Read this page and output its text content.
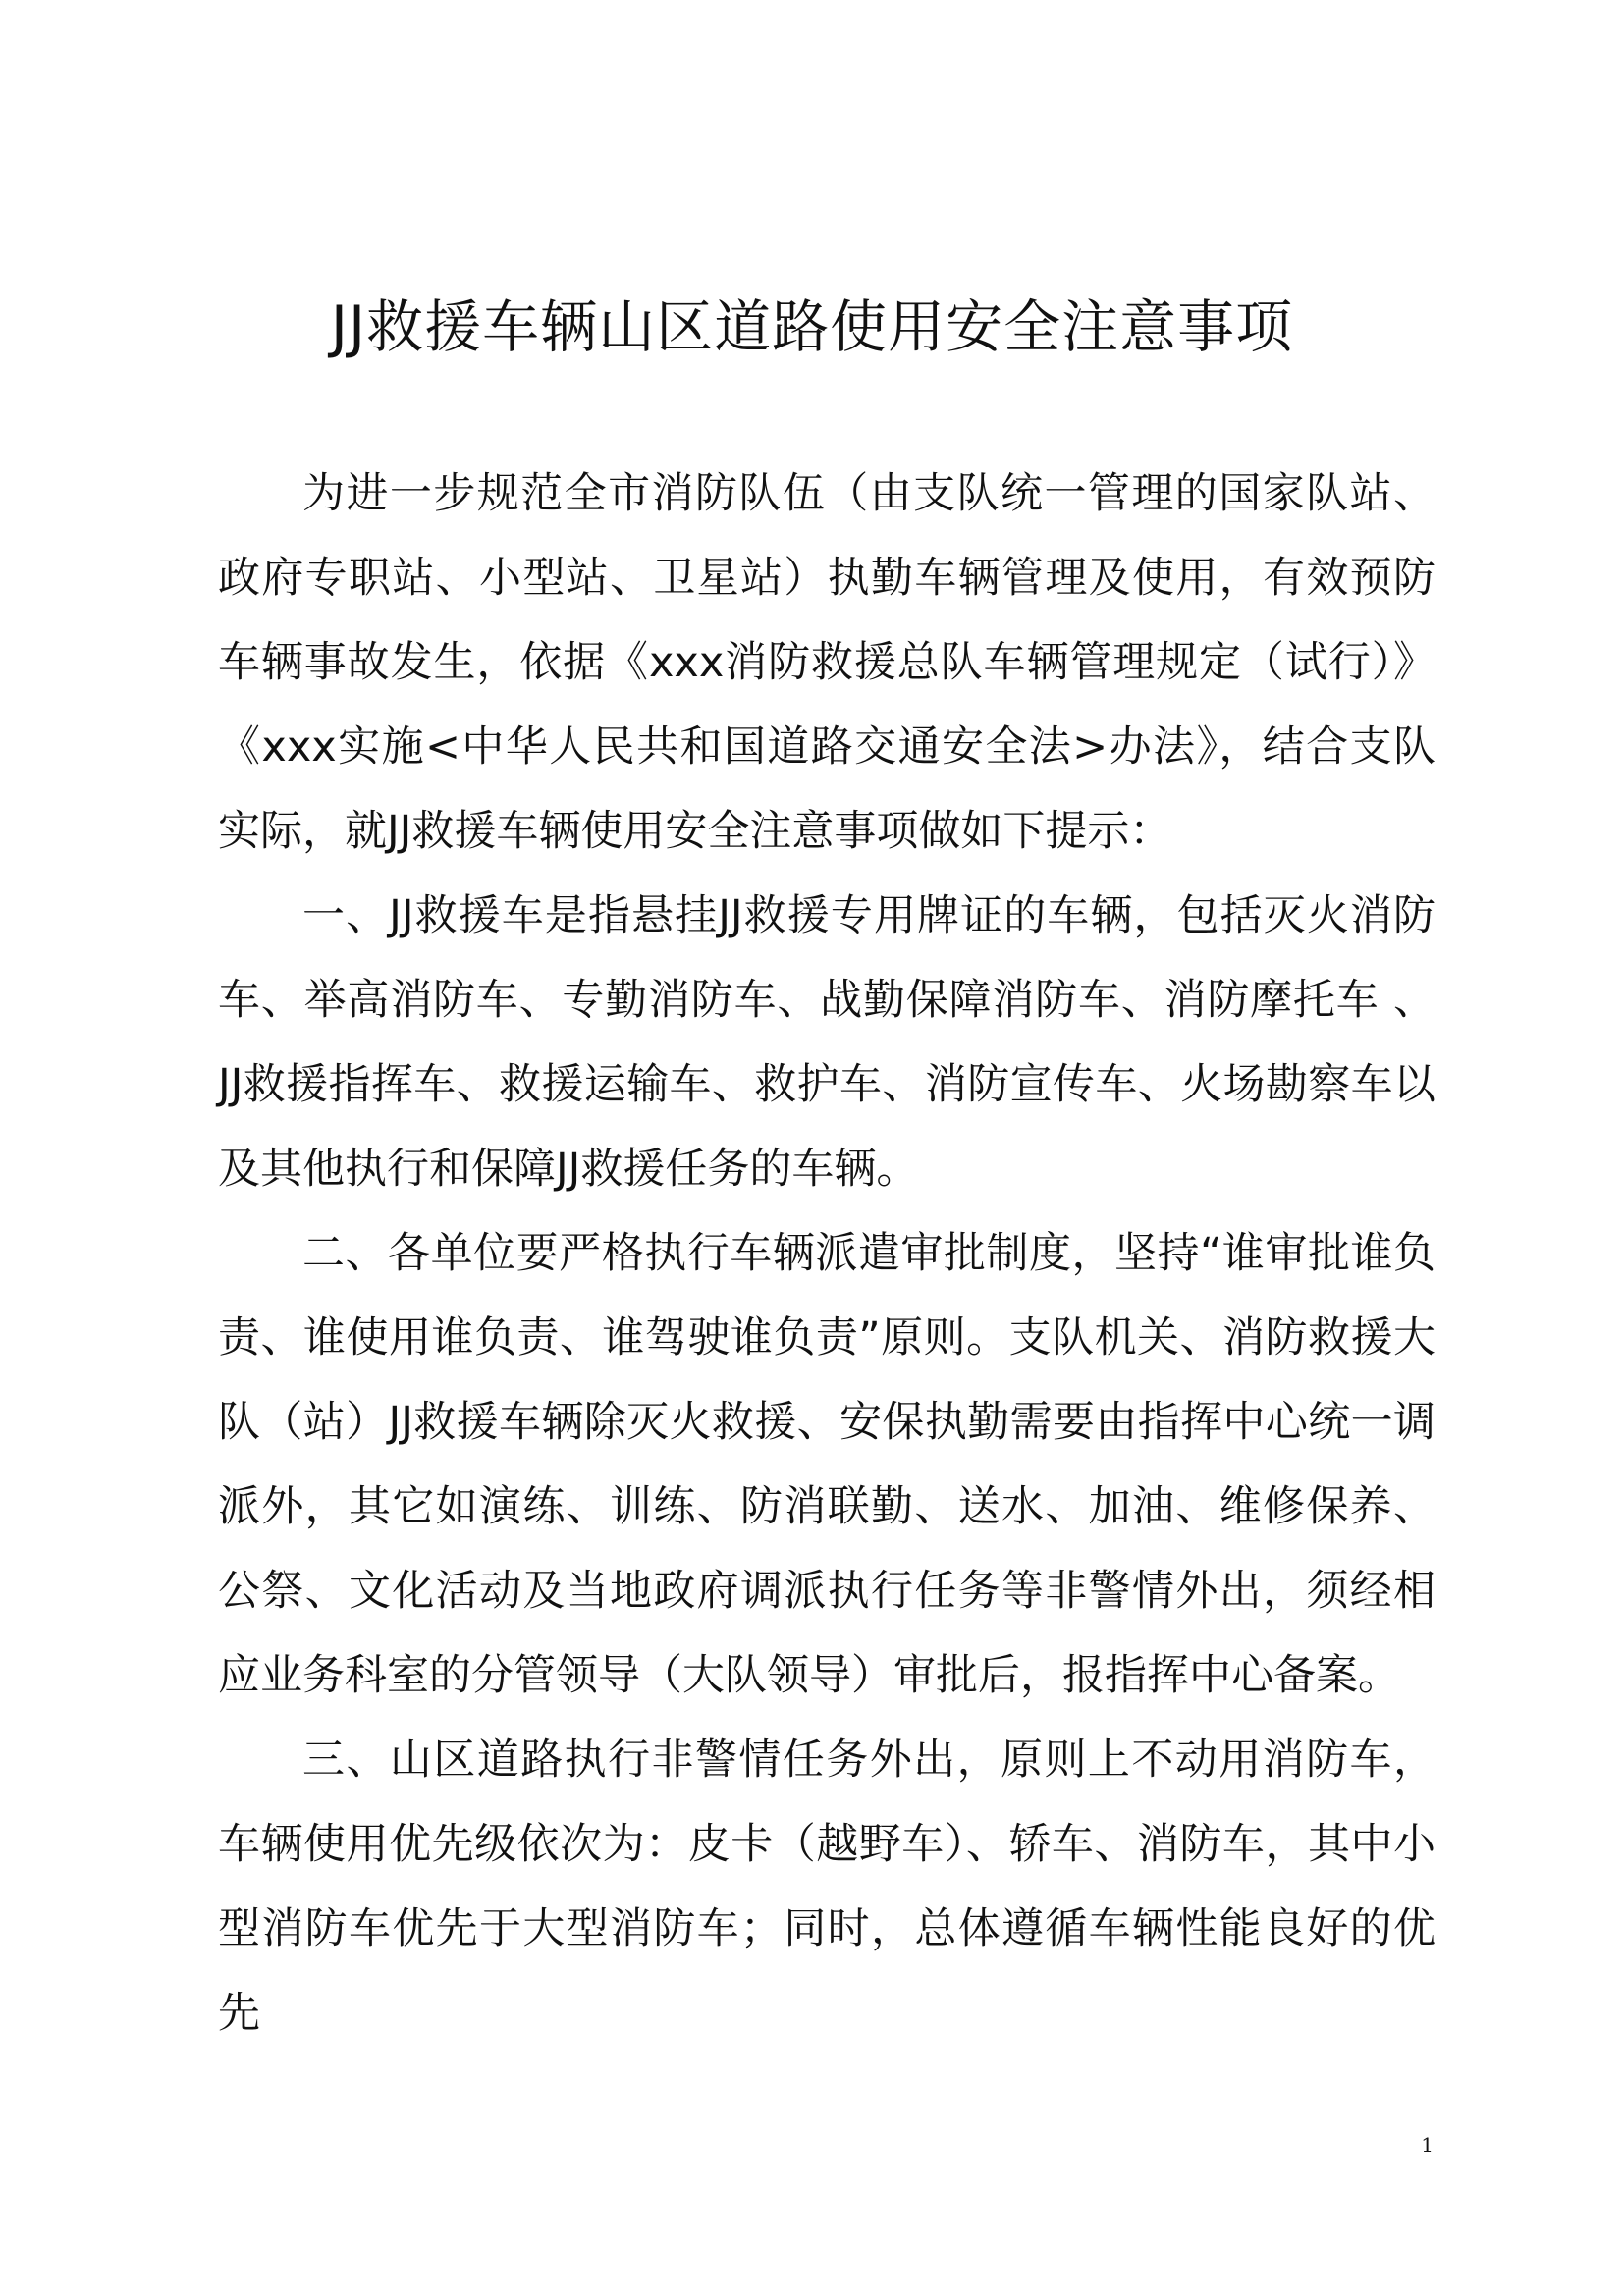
JJ救援车辆山区道路使用安全注意事项

为进一步规范全市消防队伍（由支队统一管理的国家队站、政府专职站、小型站、卫星站）执勤车辆管理及使用，有效预防车辆事故发生，依据《xxx消防救援总队车辆管理规定（试行）》《xxx实施<中华人民共和国道路交通安全法>办法》，结合支队实际，就JJ救援车辆使用安全注意事项做如下提示：

一、JJ救援车是指悬挂JJ救援专用牌证的车辆，包括灭火消防车、举高消防车、专勤消防车、战勤保障消防车、消防摩托车 、JJ救援指挥车、救援运输车、救护车、消防宣传车、火场勘察车以及其他执行和保障JJ救援任务的车辆。

二、各单位要严格执行车辆派遣审批制度，坚持“谁审批谁负责、谁使用谁负责、谁驾驶谁负责”原则。支队机关、消防救援大队（站）JJ救援车辆除灭火救援、安保执勤需要由指挥中心统一调派外，其它如演练、训练、防消联勤、送水、加油、维修保养、公祭、文化活动及当地政府调派执行任务等非警情外出，须经相应业务科室的分管领导（大队领导）审批后，报指挥中心备案。

三、山区道路执行非警情任务外出，原则上不动用消防车，车辆使用优先级依次为：皮卡（越野车）、轿车、消防车，其中小型消防车优先于大型消防车；同时，总体遵循车辆性能良好的优先

1
